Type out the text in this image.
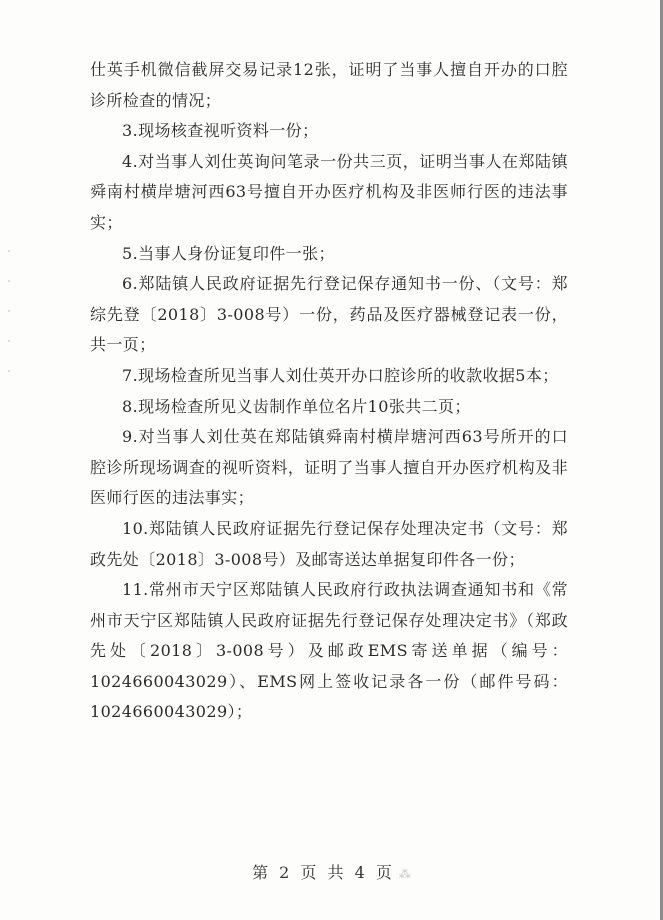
仕英手机微信截屏交易记录12张，证明了当事人擅自开办的口腔诊所检查的情况；

3.现场核查视听资料一份；

4.对当事人刘仕英询问笔录一份共三页，证明当事人在郑陆镇舜南村横岸塘河西63号擅自开办医疗机构及非医师行医的违法事实；

5.当事人身份证复印件一张；

6.郑陆镇人民政府证据先行登记保存通知书一份、（文号：郑综先登〔2018〕3-008号）一份，药品及医疗器械登记表一份，共一页；

7.现场检查所见当事人刘仕英开办口腔诊所的收款收据5本；

8.现场检查所见义齿制作单位名片10张共二页；

9.对当事人刘仕英在郑陆镇舜南村横岸塘河西63号所开的口腔诊所现场调查的视听资料，证明了当事人擅自开办医疗机构及非医师行医的违法事实；

10.郑陆镇人民政府证据先行登记保存处理决定书（文号：郑政先处〔2018〕3-008号）及邮寄送达单据复印件各一份；

11.常州市天宁区郑陆镇人民政府行政执法调查通知书和《常州市天宁区郑陆镇人民政府证据先行登记保存处理决定书》（郑政先处〔2018〕3-008号）及邮政EMS寄送单据（编号：1024660043029）、EMS网上签收记录各一份（邮件号码：1024660043029）；

第 2 页 共 4 页 ⁂
